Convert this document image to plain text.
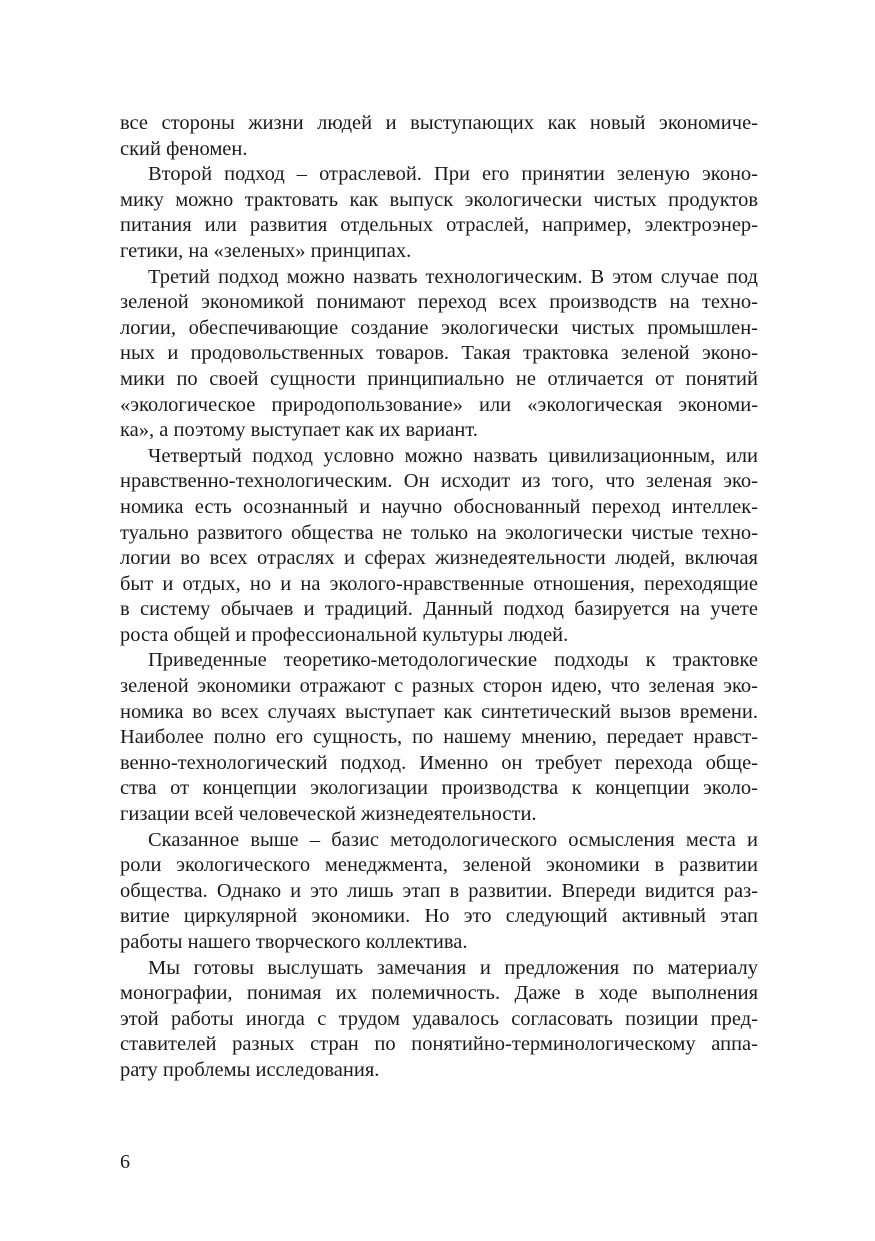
все стороны жизни людей и выступающих как новый экономиче-
ский феномен.

Второй подход – отраслевой. При его принятии зеленую эконо-
мику можно трактовать как выпуск экологически чистых продуктов
питания или развития отдельных отраслей, например, электроэнер-
гетики, на «зеленых» принципах.

Третий подход можно назвать технологическим. В этом случае под
зеленой экономикой понимают переход всех производств на техно-
логии, обеспечивающие создание экологически чистых промышлен-
ных и продовольственных товаров. Такая трактовка зеленой эконо-
мики по своей сущности принципиально не отличается от понятий
«экологическое природопользование» или «экологическая экономи-
ка», а поэтому выступает как их вариант.

Четвертый подход условно можно назвать цивилизационным, или
нравственно-технологическим. Он исходит из того, что зеленая эко-
номика есть осознанный и научно обоснованный переход интеллек-
туально развитого общества не только на экологически чистые техно-
логии во всех отраслях и сферах жизнедеятельности людей, включая
быт и отдых, но и на эколого-нравственные отношения, переходящие
в систему обычаев и традиций. Данный подход базируется на учете
роста общей и профессиональной культуры людей.

Приведенные теоретико-методологические подходы к трактовке
зеленой экономики отражают с разных сторон идею, что зеленая эко-
номика во всех случаях выступает как синтетический вызов времени.
Наиболее полно его сущность, по нашему мнению, передает нравст-
венно-технологический подход. Именно он требует перехода обще-
ства от концепции экологизации производства к концепции эколо-
гизации всей человеческой жизнедеятельности.

Сказанное выше – базис методологического осмысления места и
роли экологического менеджмента, зеленой экономики в развитии
общества. Однако и это лишь этап в развитии. Впереди видится раз-
витие циркулярной экономики. Но это следующий активный этап
работы нашего творческого коллектива.

Мы готовы выслушать замечания и предложения по материалу
монографии, понимая их полемичность. Даже в ходе выполнения
этой работы иногда с трудом удавалось согласовать позиции пред-
ставителей разных стран по понятийно-терминологическому аппа-
рату проблемы исследования.

6
